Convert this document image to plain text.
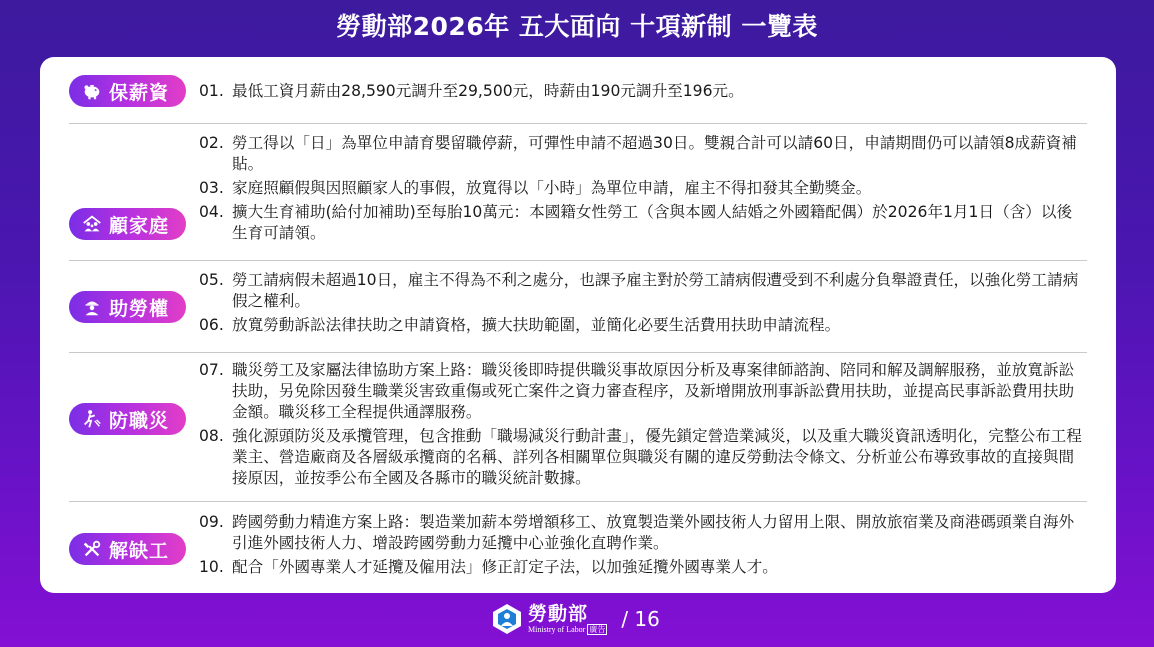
勞動部2026年 五大面向 十項新制 一覽表
保薪資 01. 最低工資月薪由28,590元調升至29,500元，時薪由190元調升至196元。
顧家庭
02. 勞工得以「日」為單位申請育嬰留職停薪，可彈性申請不超過30日。雙親合計可以請60日，申請期間仍可以請領8成薪資補貼。
03. 家庭照顧假與因照顧家人的事假，放寬得以「小時」為單位申請，雇主不得扣發其全勤獎金。
04. 擴大生育補助(給付加補助)至每胎10萬元：本國籍女性勞工（含與本國人結婚之外國籍配偶）於2026年1月1日（含）以後生育可請領。
助勞權
05. 勞工請病假未超過10日，雇主不得為不利之處分，也課予雇主對於勞工請病假遭受到不利處分負舉證責任，以強化勞工請病假之權利。
06. 放寬勞動訴訟法律扶助之申請資格，擴大扶助範圍，並簡化必要生活費用扶助申請流程。
防職災
07. 職災勞工及家屬法律協助方案上路：職災後即時提供職災事故原因分析及專案律師諮詢、陪同和解及調解服務，並放寬訴訟扶助，另免除因發生職業災害致重傷或死亡案件之資力審查程序，及新增開放刑事訴訟費用扶助，並提高民事訴訟費用扶助金額。職災移工全程提供通譯服務。
08. 強化源頭防災及承攬管理，包含推動「職場減災行動計畫」，優先鎖定營造業減災，以及重大職災資訊透明化，完整公布工程業主、營造廠商及各層級承攬商的名稱、詳列各相關單位與職災有關的違反勞動法令條文、分析並公布導致事故的直接與間接原因，並按季公布全國及各縣市的職災統計數據。
解缺工
09. 跨國勞動力精進方案上路：製造業加薪本勞增額移工、放寬製造業外國技術人力留用上限、開放旅宿業及商港碼頭業自海外引進外國技術人力、增設跨國勞動力延攬中心並強化直聘作業。
10. 配合「外國專業人才延攬及僱用法」修正訂定子法，以加強延攬外國專業人才。
勞動部
Ministry of Labor 廣告 / 16
